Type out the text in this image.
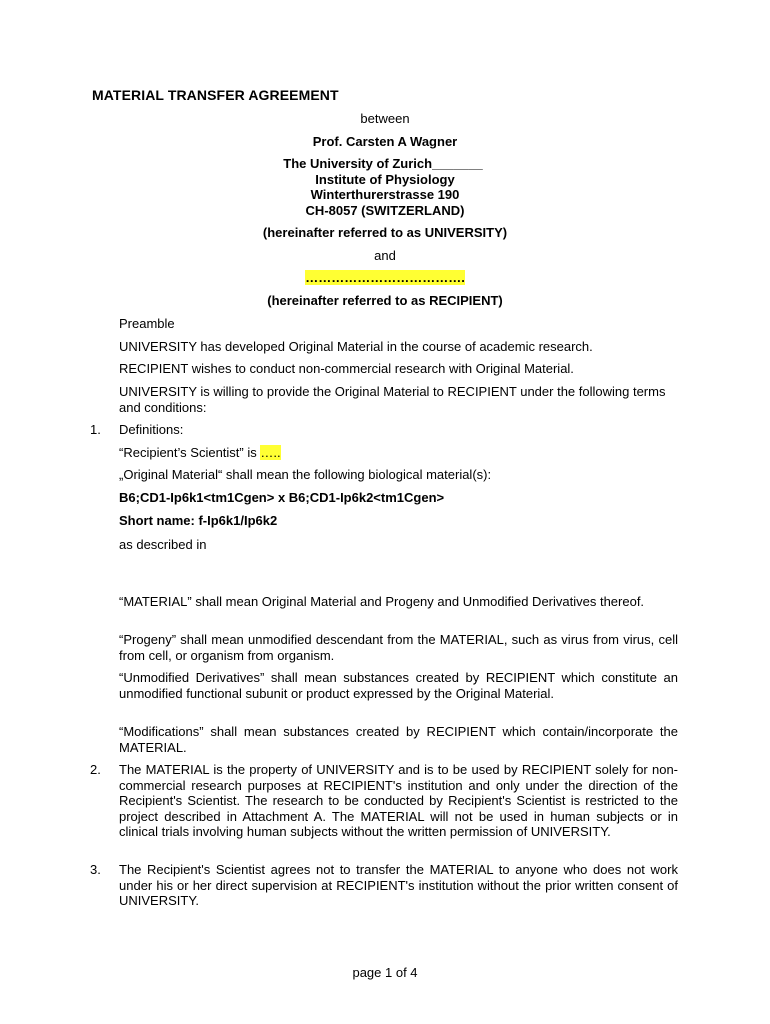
MATERIAL TRANSFER AGREEMENT
between
Prof. Carsten A Wagner
The University of Zurich_______
Institute of Physiology
Winterthurerstrasse 190
CH-8057 (SWITZERLAND)
(hereinafter referred to as UNIVERSITY)
and
……………………………….
(hereinafter referred to as RECIPIENT)
Preamble
UNIVERSITY has developed Original Material in the course of academic research.
RECIPIENT wishes to conduct non-commercial research with Original Material.
UNIVERSITY is willing to provide the Original Material to RECIPIENT under the following terms and conditions:
1. Definitions:
“Recipient’s Scientist” is …..
„Original Material“ shall mean the following biological material(s):
B6;CD1-Ip6k1<tm1Cgen> x B6;CD1-Ip6k2<tm1Cgen>
Short name: f-Ip6k1/Ip6k2
as described in
“MATERIAL” shall mean Original Material and Progeny and Unmodified Derivatives thereof.
“Progeny” shall mean unmodified descendant from the MATERIAL, such as virus from virus, cell from cell, or organism from organism.
“Unmodified Derivatives” shall mean substances created by RECIPIENT which constitute an unmodified functional subunit or product expressed by the Original Material.
“Modifications” shall mean substances created by RECIPIENT which contain/incorporate the MATERIAL.
2. The MATERIAL is the property of UNIVERSITY and is to be used by RECIPIENT solely for non-commercial research purposes at RECIPIENT's institution and only under the direction of the Recipient's Scientist. The research to be conducted by Recipient's Scientist is restricted to the project described in Attachment A. The MATERIAL will not be used in human subjects or in clinical trials involving human subjects without the written permission of UNIVERSITY.
3. The Recipient's Scientist agrees not to transfer the MATERIAL to anyone who does not work under his or her direct supervision at RECIPIENT's institution without the prior written consent of UNIVERSITY.
page 1 of 4
